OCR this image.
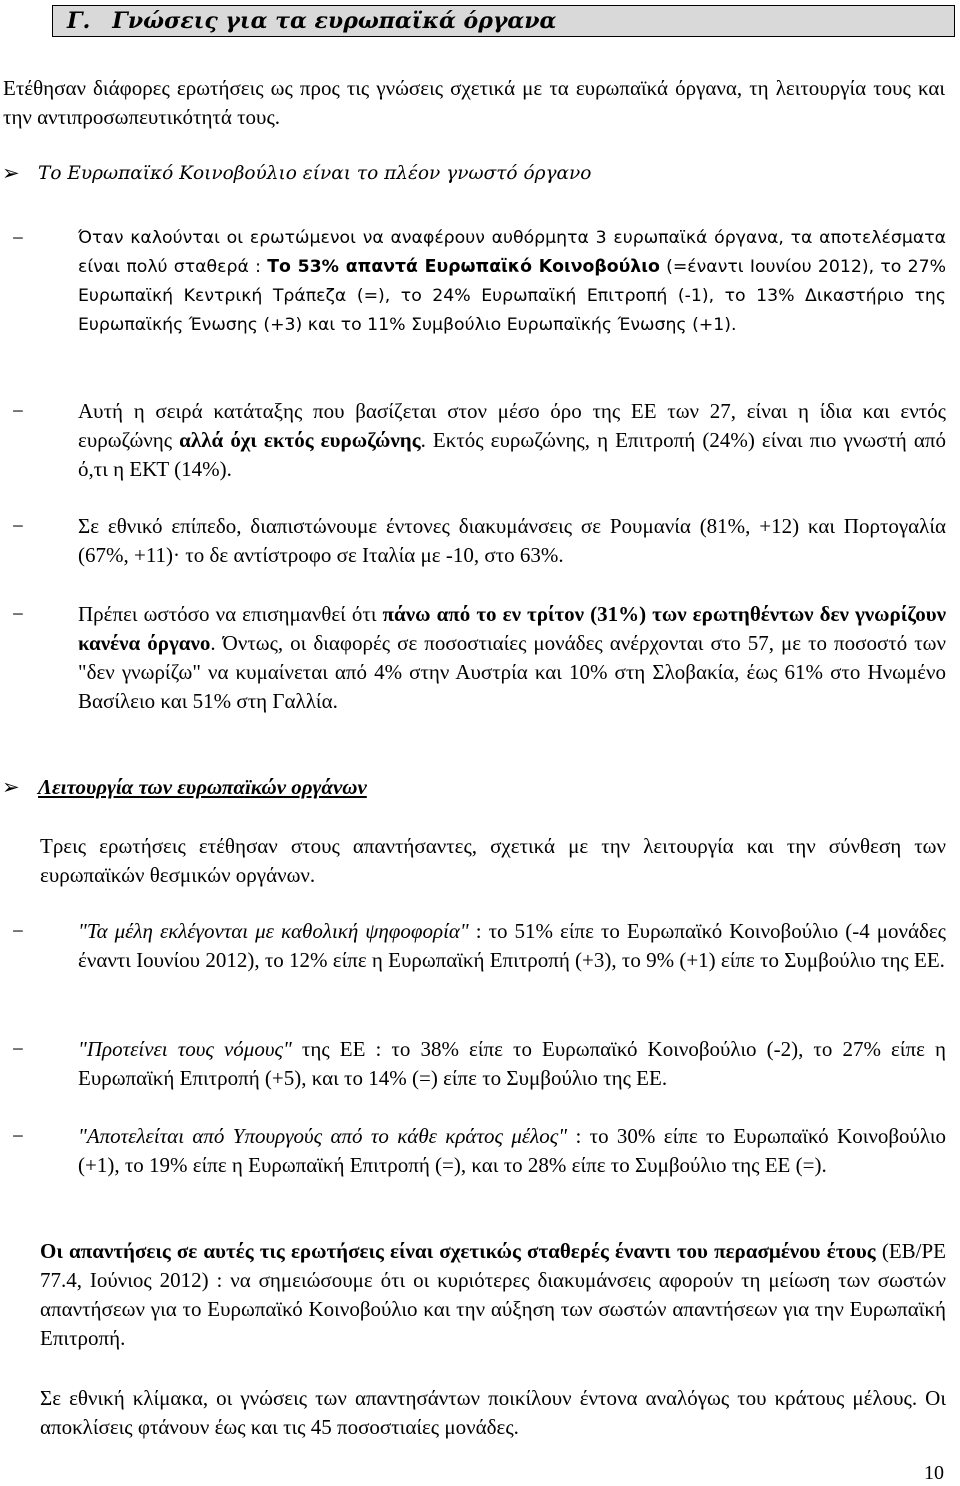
Γ. Γνώσεις για τα ευρωπαϊκά όργανα
Ετέθησαν διάφορες ερωτήσεις ως προς τις γνώσεις σχετικά με τα ευρωπαϊκά όργανα, τη λειτουργία τους και την αντιπροσωπευτικότητά τους.
➢ Το Ευρωπαϊκό Κοινοβούλιο είναι το πλέον γνωστό όργανο
−	Όταν καλούνται οι ερωτώμενοι να αναφέρουν αυθόρμητα 3 ευρωπαϊκά όργανα, τα αποτελέσματα είναι πολύ σταθερά : Το 53% απαντά Ευρωπαϊκό Κοινοβούλιο (=έναντι Ιουνίου 2012), το 27% Ευρωπαϊκή Κεντρική Τράπεζα (=), το 24% Ευρωπαϊκή Επιτροπή (-1), το 13% Δικαστήριο της Ευρωπαϊκής Ένωσης (+3) και το 11% Συμβούλιο Ευρωπαϊκής Ένωσης (+1).
−	Αυτή η σειρά κατάταξης που βασίζεται στον μέσο όρο της ΕΕ των 27, είναι η ίδια και εντός ευρωζώνης αλλά όχι εκτός ευρωζώνης. Εκτός ευρωζώνης, η Επιτροπή (24%) είναι πιο γνωστή από ό,τι η ΕΚΤ (14%).
−	Σε εθνικό επίπεδο, διαπιστώνουμε έντονες διακυμάνσεις σε Ρουμανία (81%, +12) και Πορτογαλία (67%, +11)· το δε αντίστροφο σε Ιταλία με -10, στο 63%.
−	Πρέπει ωστόσο να επισημανθεί ότι πάνω από το εν τρίτον (31%) των ερωτηθέντων δεν γνωρίζουν κανένα όργανο. Όντως, οι διαφορές σε ποσοστιαίες μονάδες ανέρχονται στο 57, με το ποσοστό των "δεν γνωρίζω" να κυμαίνεται από 4% στην Αυστρία και 10% στη Σλοβακία, έως 61% στο Ηνωμένο Βασίλειο και 51% στη Γαλλία.
➢ Λειτουργία των ευρωπαϊκών οργάνων
Τρεις ερωτήσεις ετέθησαν στους απαντήσαντες, σχετικά με την λειτουργία και την σύνθεση των ευρωπαϊκών θεσμικών οργάνων.
−	"Τα μέλη εκλέγονται με καθολική ψηφοφορία" : το 51% είπε το Ευρωπαϊκό Κοινοβούλιο (-4 μονάδες έναντι Ιουνίου 2012), το 12% είπε η Ευρωπαϊκή Επιτροπή (+3), το 9% (+1) είπε το Συμβούλιο της ΕΕ.
−	"Προτείνει τους νόμους" της ΕΕ : το 38% είπε το Ευρωπαϊκό Κοινοβούλιο (-2), το 27% είπε η Ευρωπαϊκή Επιτροπή (+5), και το 14% (=) είπε το Συμβούλιο της ΕΕ.
−	"Αποτελείται από Υπουργούς από το κάθε κράτος μέλος" : το 30% είπε το Ευρωπαϊκό Κοινοβούλιο (+1), το 19% είπε η Ευρωπαϊκή Επιτροπή (=), και το 28% είπε το Συμβούλιο της ΕΕ (=).
Οι απαντήσεις σε αυτές τις ερωτήσεις είναι σχετικώς σταθερές έναντι του περασμένου έτους (EB/PE 77.4, Ιούνιος 2012) : να σημειώσουμε ότι οι κυριότερες διακυμάνσεις αφορούν τη μείωση των σωστών απαντήσεων για το Ευρωπαϊκό Κοινοβούλιο και την αύξηση των σωστών απαντήσεων για την Ευρωπαϊκή Επιτροπή.
Σε εθνική κλίμακα, οι γνώσεις των απαντησάντων ποικίλουν έντονα αναλόγως του κράτους μέλους. Οι αποκλίσεις φτάνουν έως και τις 45 ποσοστιαίες μονάδες.
10
